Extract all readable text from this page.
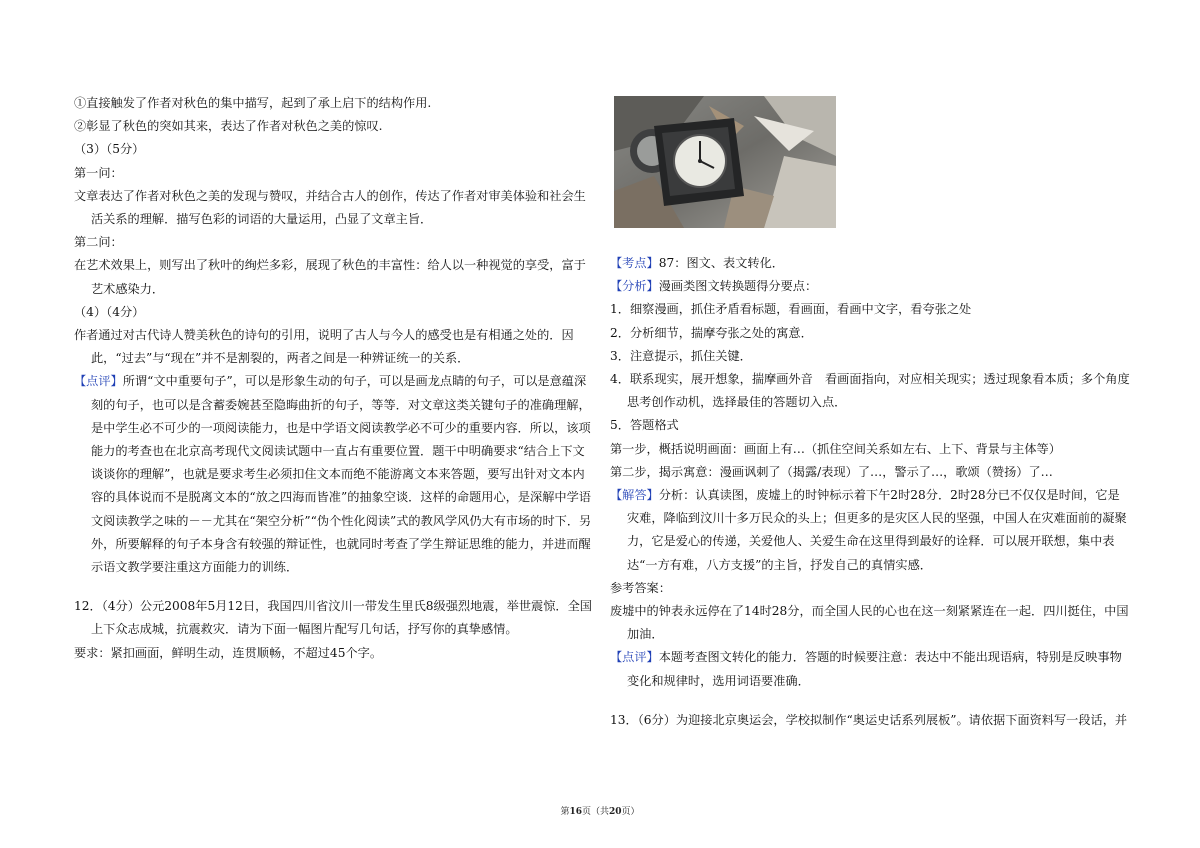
①直接触发了作者对秋色的集中描写，起到了承上启下的结构作用.

②彰显了秋色的突如其来，表达了作者对秋色之美的惊叹.

（3）（5分）

第一问：

文章表达了作者对秋色之美的发现与赞叹，并结合古人的创作，传达了作者对审美体验和社会生活关系的理解．描写色彩的词语的大量运用，凸显了文章主旨．

第二问：

在艺术效果上，则写出了秋叶的绚烂多彩，展现了秋色的丰富性：给人以一种视觉的享受，富于艺术感染力．

（4）（4分）

作者通过对古代诗人赞美秋色的诗句的引用，说明了古人与今人的感受也是有相通之处的．因此，“过去”与“现在”并不是割裂的，两者之间是一种辨证统一的关系．

【点评】所谓“文中重要句子”，可以是形象生动的句子，可以是画龙点睛的句子，可以是意蕴深刻的句子，也可以是含蓄委婉甚至隐晦曲折的句子，等等．对文章这类关键句子的准确理解，是中学生必不可少的一项阅读能力，也是中学语文阅读教学必不可少的重要内容．所以，该项能力的考查也在北京高考现代文阅读试题中一直占有重要位置．题干中明确要求“结合上下文谈谈你的理解”，也就是要求考生必须扣住文本而绝不能游离文本来答题，要写出针对文本内容的具体说而不是脱离文本的“放之四海而皆准”的抽象空谈．这样的命题用心，是深解中学语文阅读教学之味的－－尤其在“架空分析”“伪个性化阅读”式的教风学风仍大有市场的时下．另外，所要解释的句子本身含有较强的辩证性，也就同时考查了学生辩证思维的能力，并进而醒示语文教学要注重这方面能力的训练．

12．（4分）公元2008年5月12日，我国四川省汶川一带发生里氏8级强烈地震，举世震惊．全国上下众志成城，抗震救灾．请为下面一幅图片配写几句话，抒写你的真挚感情。

要求：紧扣画面，鲜明生动，连贯顺畅，不超过45个字。

【考点】87：图文、表文转化．

【分析】漫画类图文转换题得分要点：

1．细察漫画，抓住矛盾看标题，看画面，看画中文字，看夸张之处

2．分析细节，揣摩夸张之处的寓意．

3．注意提示，抓住关键．

4．联系现实，展开想象，揣摩画外音　看画面指向，对应相关现实；透过现象看本质；多个角度思考创作动机，选择最佳的答题切入点．

5．答题格式

第一步，概括说明画面：画面上有…（抓住空间关系如左右、上下、背景与主体等）

第二步，揭示寓意：漫画讽刺了（揭露/表现）了…，警示了…，歌颂（赞扬）了…

【解答】分析：认真读图，废墟上的时钟标示着下午2时28分．2时28分已不仅仅是时间，它是灾难，降临到汶川十多万民众的头上；但更多的是灾区人民的坚强，中国人在灾难面前的凝聚力，它是爱心的传递，关爱他人、关爱生命在这里得到最好的诠释．可以展开联想，集中表达“一方有难，八方支援”的主旨，抒发自己的真情实感．

参考答案：

废墟中的钟表永远停在了14时28分，而全国人民的心也在这一刻紧紧连在一起．四川挺住，中国加油．

【点评】本题考查图文转化的能力．答题的时候要注意：表达中不能出现语病，特别是反映事物变化和规律时，选用词语要准确．

13．（6分）为迎接北京奥运会，学校拟制作“奥运史话系列展板”。请依据下面资料写一段话，并

第16页（共20页）
